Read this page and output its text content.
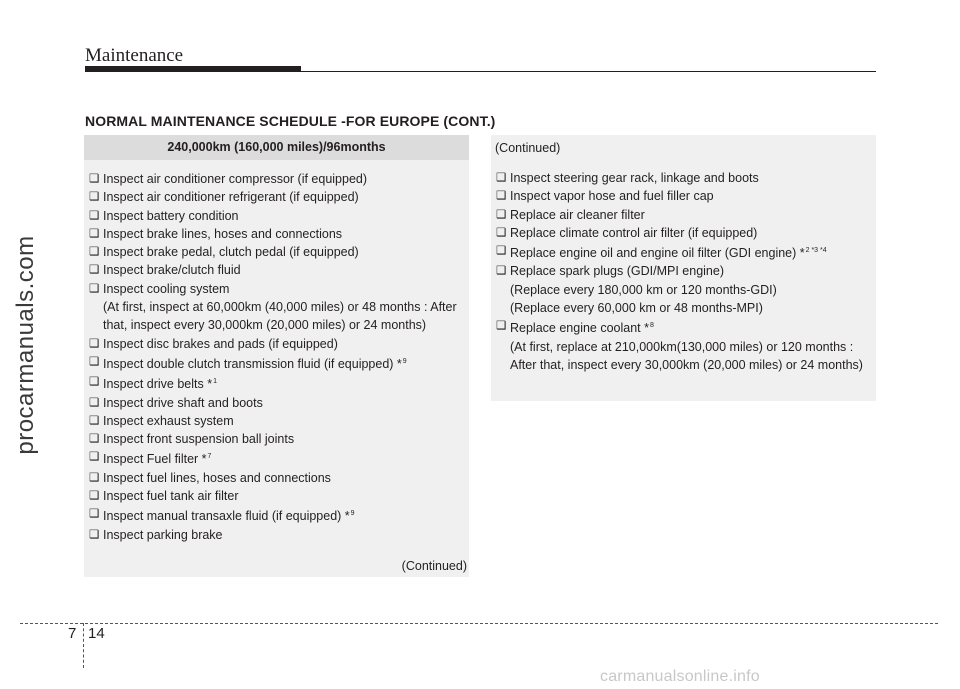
Maintenance
procarmanuals.com
NORMAL MAINTENANCE SCHEDULE -FOR EUROPE (CONT.)
240,000km (160,000 miles)/96months
❑ Inspect air conditioner compressor (if equipped)
❑ Inspect air conditioner refrigerant (if equipped)
❑ Inspect battery condition
❑ Inspect brake lines, hoses and connections
❑ Inspect brake pedal, clutch pedal (if equipped)
❑ Inspect brake/clutch fluid
❑ Inspect cooling system
(At first, inspect at 60,000km (40,000 miles) or 48 months : After that, inspect every 30,000km (20,000 miles) or 24 months)
❑ Inspect disc brakes and pads (if equipped)
❑ Inspect double clutch transmission fluid (if equipped) *$^9$
❑ Inspect drive belts *$^1$
❑ Inspect drive shaft and boots
❑ Inspect exhaust system
❑ Inspect front suspension ball joints
❑ Inspect Fuel filter *$^7$
❑ Inspect fuel lines, hoses and connections
❑ Inspect fuel tank air filter
❑ Inspect manual transaxle fluid (if equipped) *$^9$
❑ Inspect parking brake
(Continued)
(Continued)
❑ Inspect steering gear rack, linkage and boots
❑ Inspect vapor hose and fuel filler cap
❑ Replace air cleaner filter
❑ Replace climate control air filter (if equipped)
❑ Replace engine oil and engine oil filter (GDI engine) *$^{2 *3 *4}$
❑ Replace spark plugs (GDI/MPI engine)
(Replace every 180,000 km or 120 months-GDI)
(Replace every 60,000 km or 48 months-MPI)
❑ Replace engine coolant *$^8$
(At first, replace at 210,000km(130,000 miles) or 120 months : After that, inspect every 30,000km (20,000 miles) or 24 months)
7 14
carmanualsonline.info
